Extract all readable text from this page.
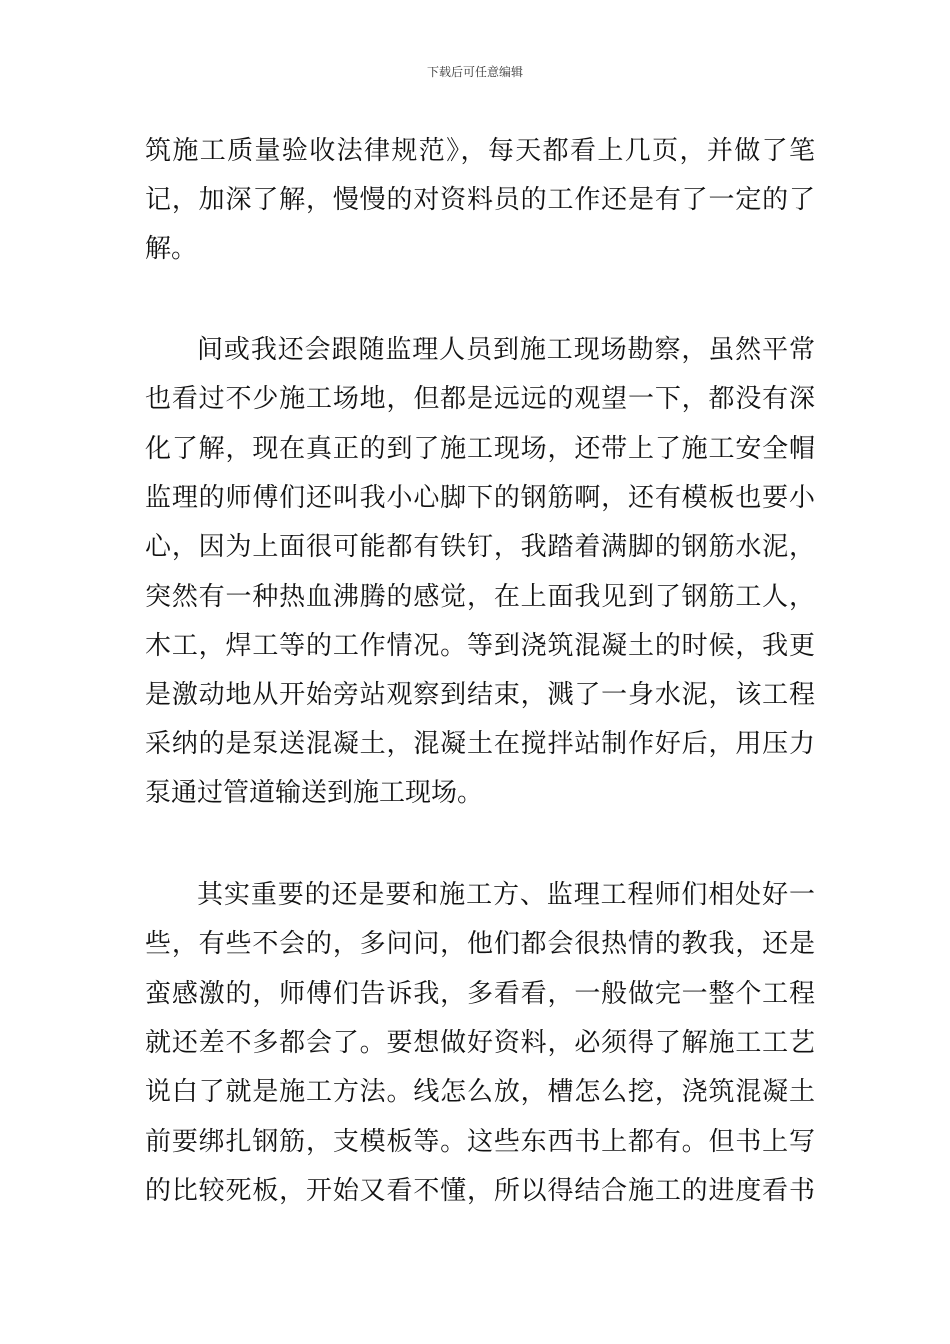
下载后可任意编辑
筑施工质量验收法律规范》，每天都看上几页，并做了笔
记，加深了解，慢慢的对资料员的工作还是有了一定的了
解。
间或我还会跟随监理人员到施工现场勘察，虽然平常
也看过不少施工场地，但都是远远的观望一下，都没有深
化了解，现在真正的到了施工现场，还带上了施工安全帽
监理的师傅们还叫我小心脚下的钢筋啊，还有模板也要小
心，因为上面很可能都有铁钉，我踏着满脚的钢筋水泥，
突然有一种热血沸腾的感觉，在上面我见到了钢筋工人，
木工，焊工等的工作情况。等到浇筑混凝土的时候，我更
是激动地从开始旁站观察到结束，溅了一身水泥，该工程
采纳的是泵送混凝土，混凝土在搅拌站制作好后，用压力
泵通过管道输送到施工现场。
其实重要的还是要和施工方、监理工程师们相处好一
些，有些不会的，多问问，他们都会很热情的教我，还是
蛮感激的，师傅们告诉我，多看看，一般做完一整个工程
就还差不多都会了。要想做好资料，必须得了解施工工艺
说白了就是施工方法。线怎么放，槽怎么挖，浇筑混凝土
前要绑扎钢筋，支模板等。这些东西书上都有。但书上写
的比较死板，开始又看不懂，所以得结合施工的进度看书
